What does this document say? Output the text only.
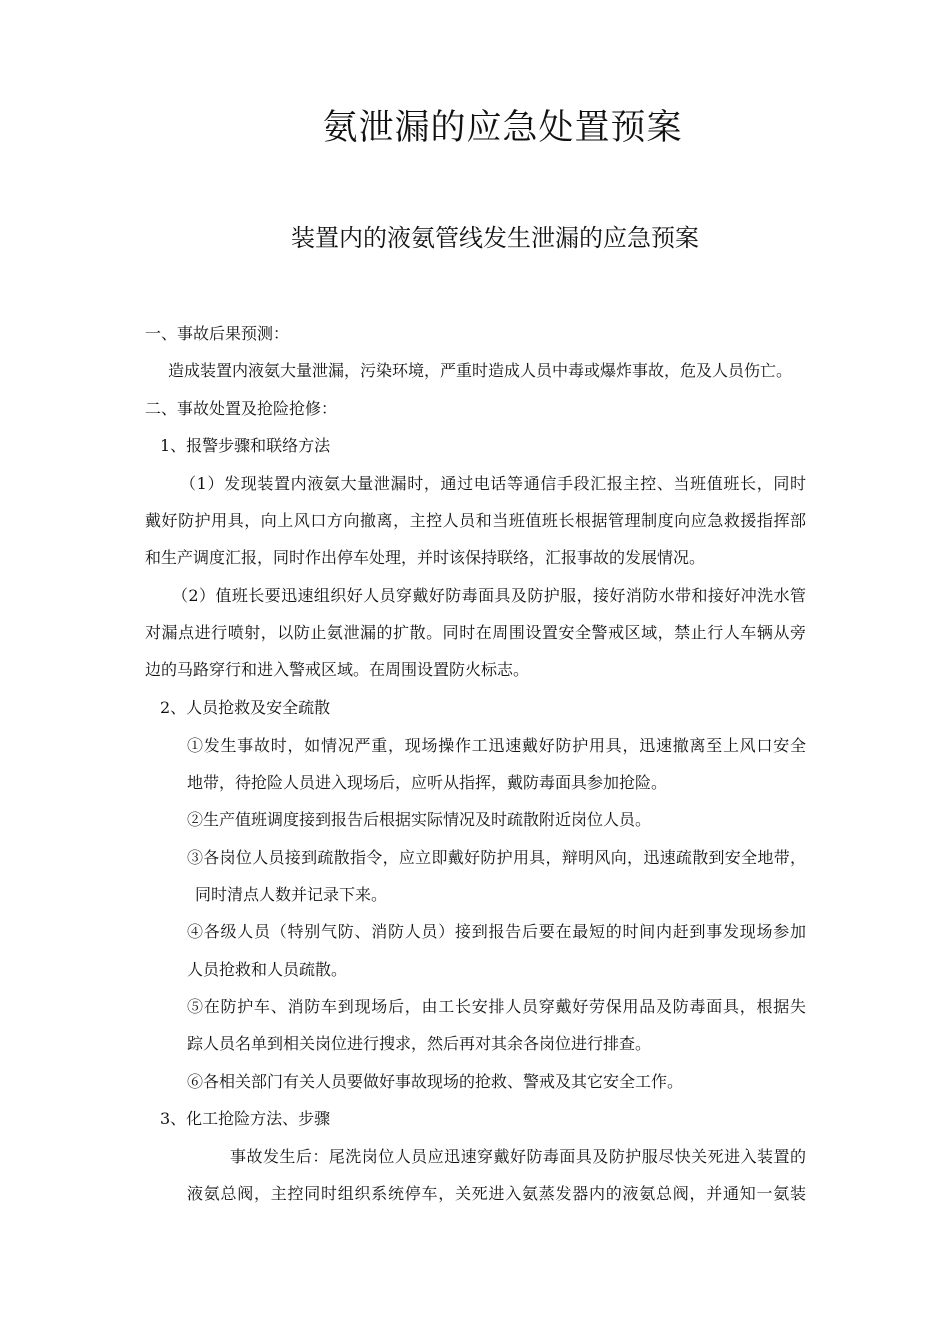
氨泄漏的应急处置预案
装置内的液氨管线发生泄漏的应急预案
一、事故后果预测：
造成装置内液氨大量泄漏，污染环境，严重时造成人员中毒或爆炸事故，危及人员伤亡。
二、事故处置及抢险抢修：
1、报警步骤和联络方法
（1）发现装置内液氨大量泄漏时，通过电话等通信手段汇报主控、当班值班长，同时
戴好防护用具，向上风口方向撤离，主控人员和当班值班长根据管理制度向应急救援指挥部
和生产调度汇报，同时作出停车处理，并时该保持联络，汇报事故的发展情况。
（2）值班长要迅速组织好人员穿戴好防毒面具及防护服，接好消防水带和接好冲洗水管
对漏点进行喷射，以防止氨泄漏的扩散。同时在周围设置安全警戒区域，禁止行人车辆从旁
边的马路穿行和进入警戒区域。在周围设置防火标志。
2、人员抢救及安全疏散
①发生事故时，如情况严重，现场操作工迅速戴好防护用具，迅速撤离至上风口安全
地带，待抢险人员进入现场后，应听从指挥，戴防毒面具参加抢险。
②生产值班调度接到报告后根据实际情况及时疏散附近岗位人员。
③各岗位人员接到疏散指令，应立即戴好防护用具，辩明风向，迅速疏散到安全地带，
同时清点人数并记录下来。
④各级人员（特别气防、消防人员）接到报告后要在最短的时间内赶到事发现场参加
人员抢救和人员疏散。
⑤在防护车、消防车到现场后，由工长安排人员穿戴好劳保用品及防毒面具，根据失
踪人员名单到相关岗位进行搜求，然后再对其余各岗位进行排查。
⑥各相关部门有关人员要做好事故现场的抢救、警戒及其它安全工作。
3、化工抢险方法、步骤
事故发生后：尾洗岗位人员应迅速穿戴好防毒面具及防护服尽快关死进入装置的
液氨总阀，主控同时组织系统停车，关死进入氨蒸发器内的液氨总阀，并通知一氨装
